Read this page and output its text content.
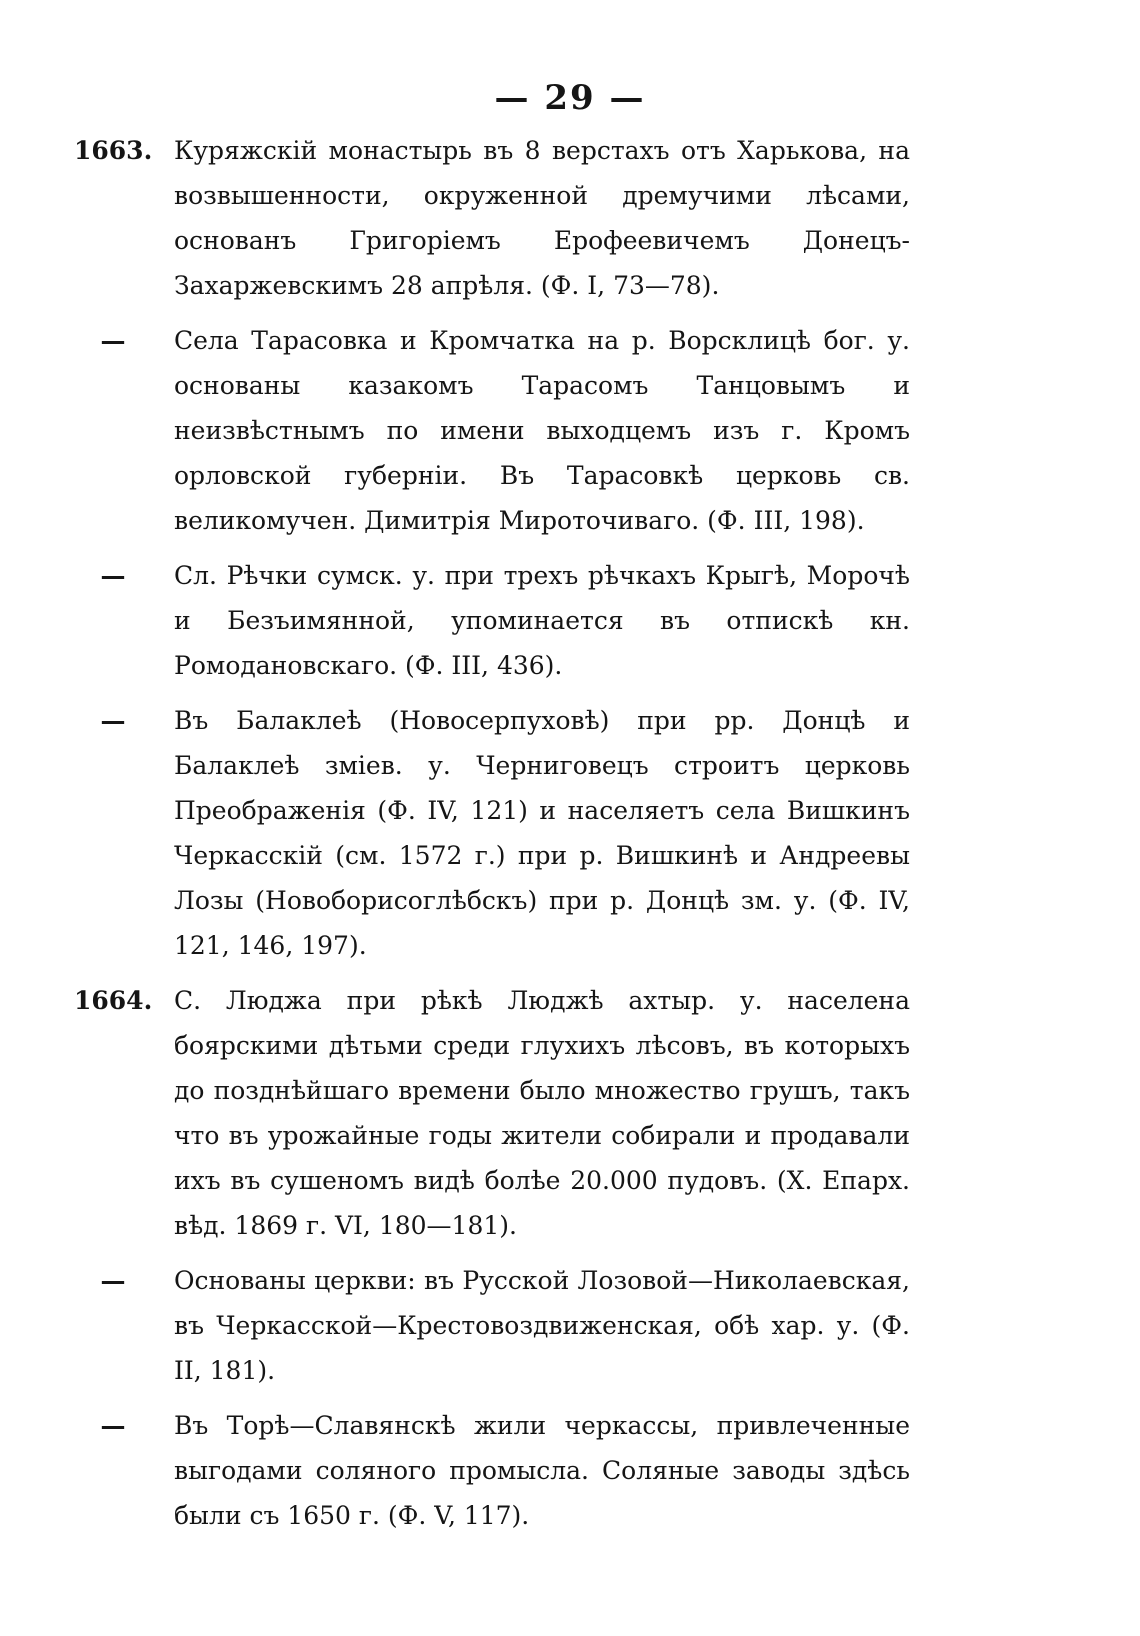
— 29 —
1663. Куряжскій монастырь въ 8 верстахъ отъ Харькова, на возвышенности, окруженной дремучими лѣсами, основанъ Григоріемъ Ерофеевичемъ Донецъ-Захаржевскимъ 28 апрѣля. (Ф. I, 73—78).
—	Села Тарасовка и Кромчатка на р. Ворсклицѣ бог. у. основаны казакомъ Тарасомъ Танцовымъ и неизвѣстнымъ по имени выходцемъ изъ г. Кромъ орловской губерніи. Въ Тарасовкѣ церковь св. великомучен. Димитрія Мироточиваго. (Ф. III, 198).
—	Сл. Рѣчки сумск. у. при трехъ рѣчкахъ Крыгѣ, Морочѣ и Безъимянной, упоминается въ отпискѣ кн. Ромодановскаго. (Ф. III, 436).
—	Въ Балаклеѣ (Новосерпуховѣ) при рр. Донцѣ и Балаклеѣ зміев. у. Черниговецъ строитъ церковь Преображенія (Ф. IV, 121) и населяетъ села Вишкинъ Черкасскій (см. 1572 г.) при р. Вишкинѣ и Андреевы Лозы (Новоборисоглѣбскъ) при р. Донцѣ зм. у. (Ф. IV, 121, 146, 197).
1664. С. Люджа при рѣкѣ Люджѣ ахтыр. у. населена боярскими дѣтьми среди глухихъ лѣсовъ, въ которыхъ до позднѣйшаго времени было множество грушъ, такъ что въ урожайные годы жители собирали и продавали ихъ въ сушеномъ видѣ болѣе 20.000 пудовъ. (Х. Епарх. вѣд. 1869 г. VI, 180—181).
—	Основаны церкви: въ Русской Лозовой—Николаевская, въ Черкасской—Крестовоздвиженская, обѣ хар. у. (Ф. II, 181).
—	Въ Торѣ—Славянскѣ жили черкассы, привлеченные выгодами соляного промысла. Соляные заводы здѣсь были съ 1650 г. (Ф. V, 117).
